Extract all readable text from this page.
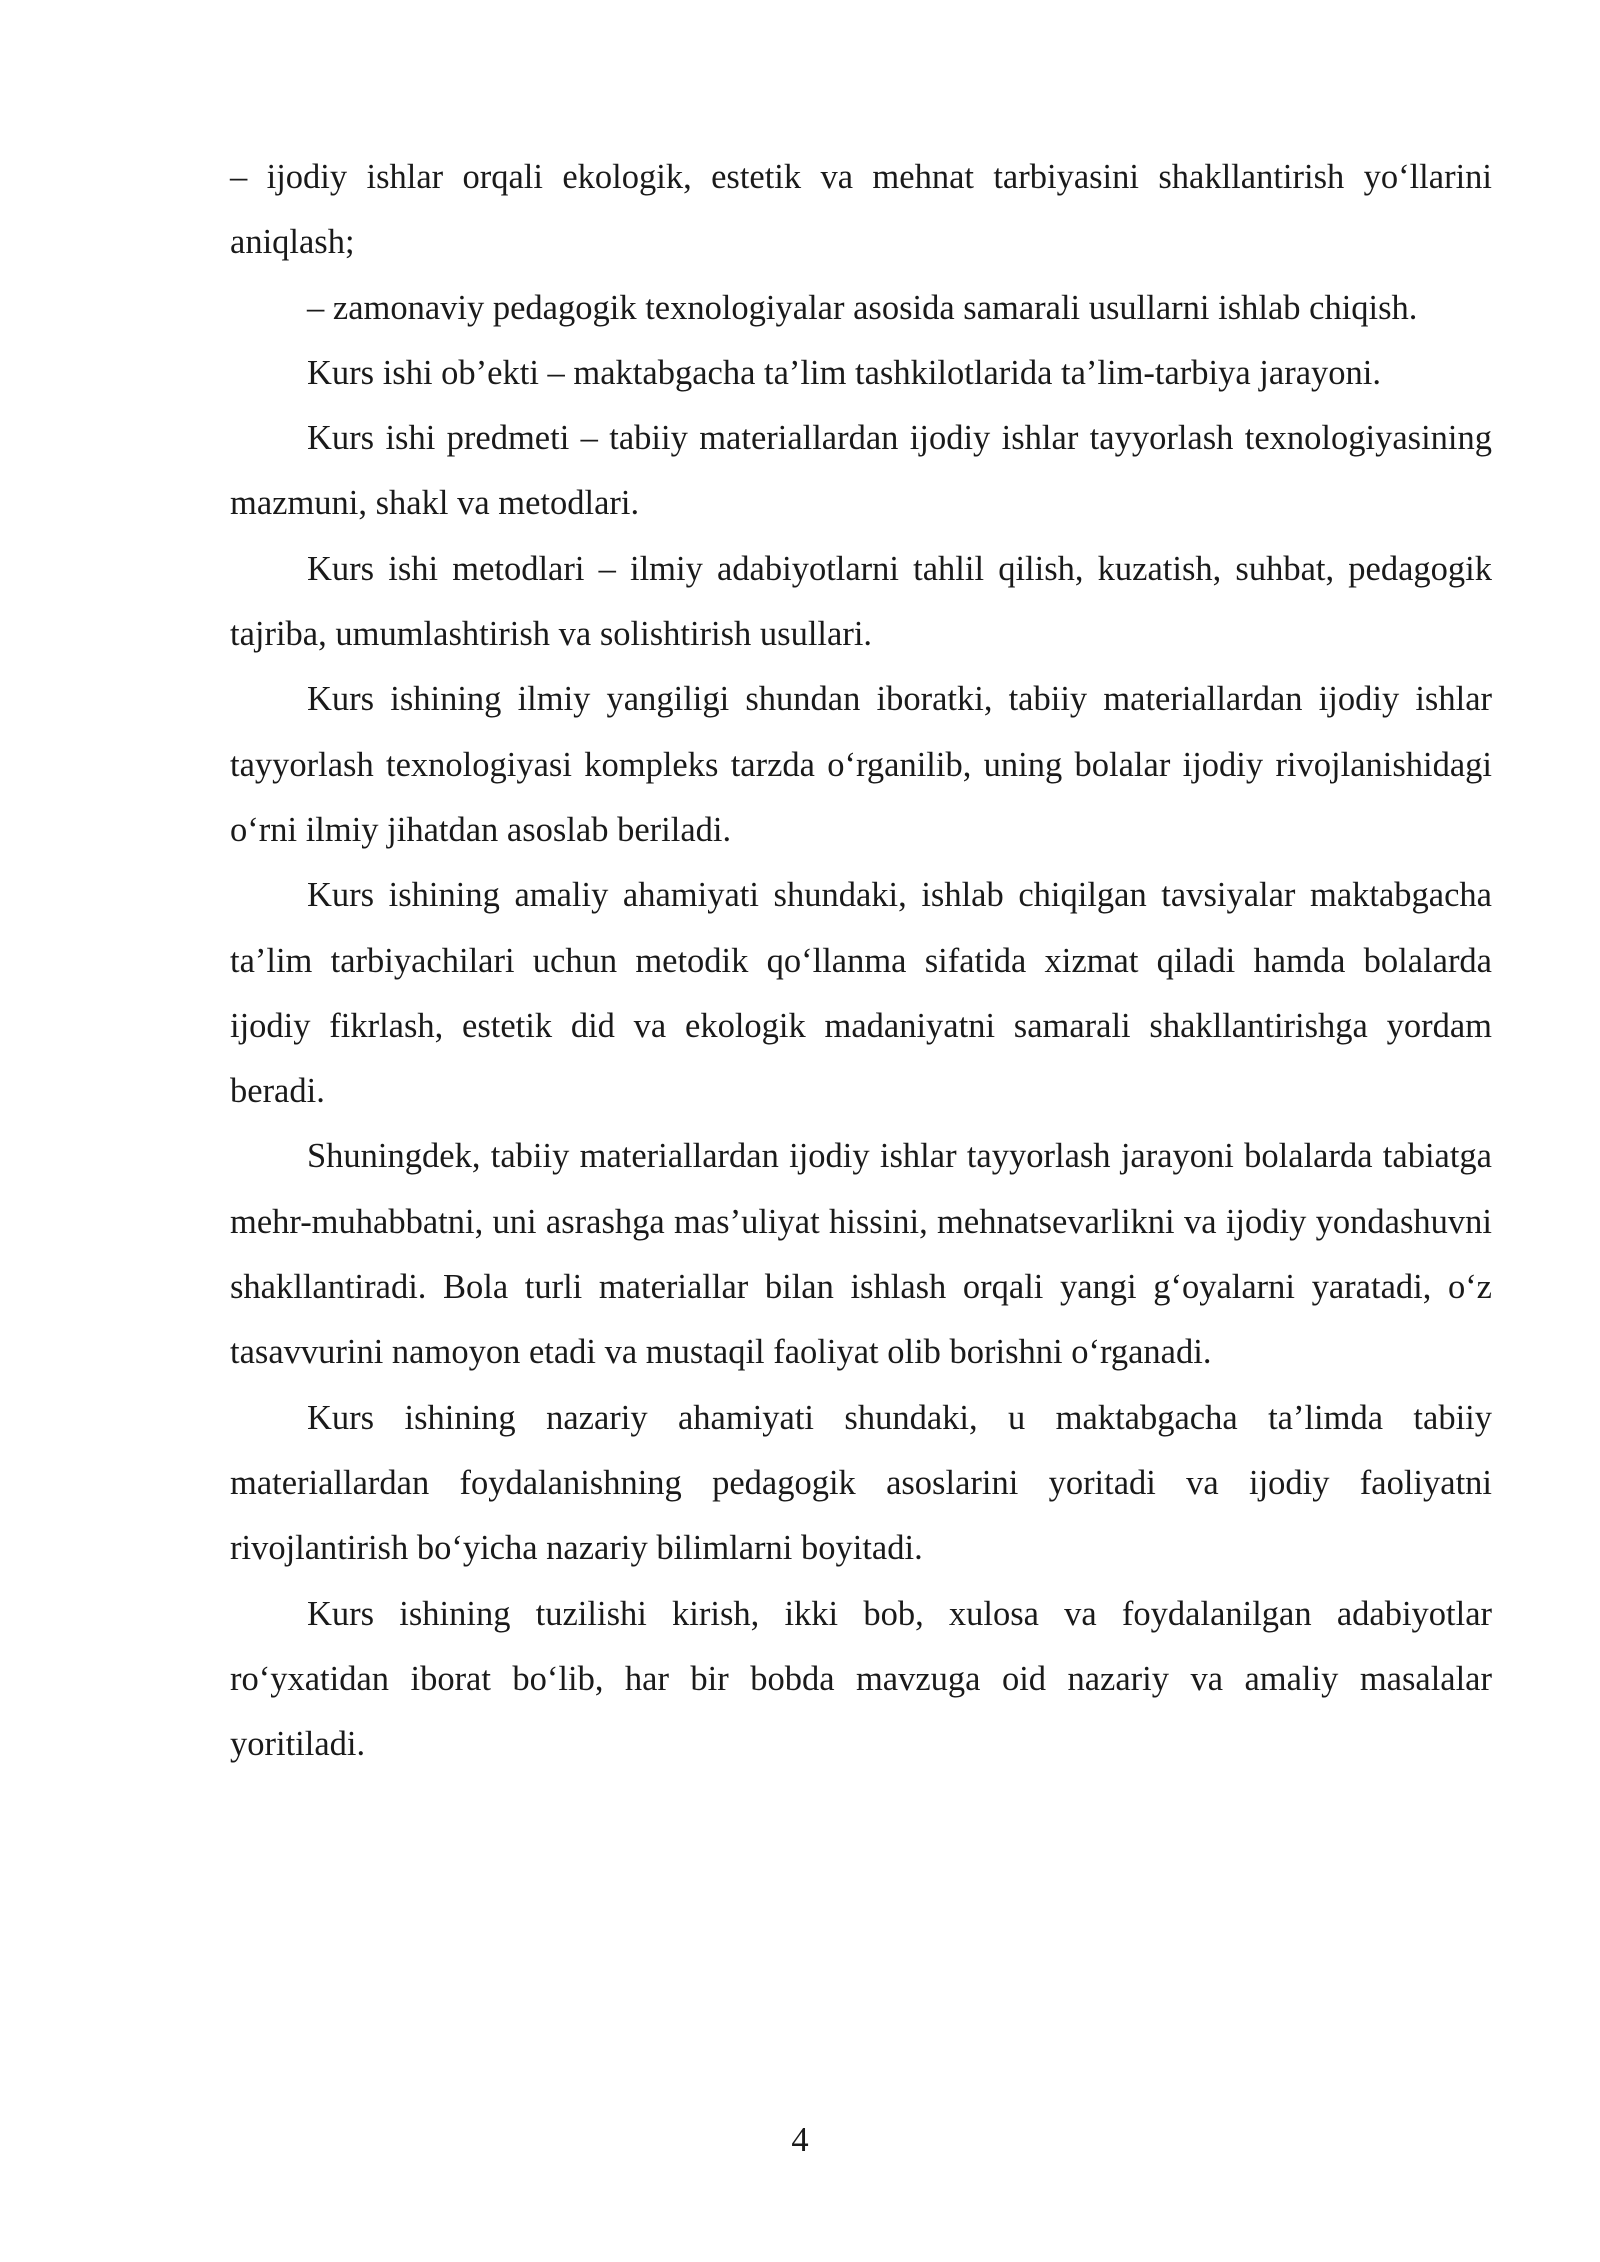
– ijodiy ishlar orqali ekologik, estetik va mehnat tarbiyasini shakllantirish yo‘llarini aniqlash;

– zamonaviy pedagogik texnologiyalar asosida samarali usullarni ishlab chiqish.

Kurs ishi ob’ekti – maktabgacha ta’lim tashkilotlarida ta’lim-tarbiya jarayoni.

Kurs ishi predmeti – tabiiy materiallardan ijodiy ishlar tayyorlash texnologiyasining mazmuni, shakl va metodlari.

Kurs ishi metodlari – ilmiy adabiyotlarni tahlil qilish, kuzatish, suhbat, pedagogik tajriba, umumlashtirish va solishtirish usullari.

Kurs ishining ilmiy yangiligi shundan iboratki, tabiiy materiallardan ijodiy ishlar tayyorlash texnologiyasi kompleks tarzda o‘rganilib, uning bolalar ijodiy rivojlanishidagi o‘rni ilmiy jihatdan asoslab beriladi.

Kurs ishining amaliy ahamiyati shundaki, ishlab chiqilgan tavsiyalar maktabgacha ta’lim tarbiyachilari uchun metodik qo‘llanma sifatida xizmat qiladi hamda bolalarda ijodiy fikrlash, estetik did va ekologik madaniyatni samarali shakllantirishga yordam beradi.

Shuningdek, tabiiy materiallardan ijodiy ishlar tayyorlash jarayoni bolalarda tabiatga mehr-muhabbatni, uni asrashga mas’uliyat hissini, mehnatsevarlikni va ijodiy yondashuvni shakllantiradi. Bola turli materiallar bilan ishlash orqali yangi g‘oyalarni yaratadi, o‘z tasavvurini namoyon etadi va mustaqil faoliyat olib borishni o‘rganadi.

Kurs ishining nazariy ahamiyati shundaki, u maktabgacha ta’limda tabiiy materiallardan foydalanishning pedagogik asoslarini yoritadi va ijodiy faoliyatni rivojlantirish bo‘yicha nazariy bilimlarni boyitadi.

Kurs ishining tuzilishi kirish, ikki bob, xulosa va foydalanilgan adabiyotlar ro‘yxatidan iborat bo‘lib, har bir bobda mavzuga oid nazariy va amaliy masalalar yoritiladi.

4
